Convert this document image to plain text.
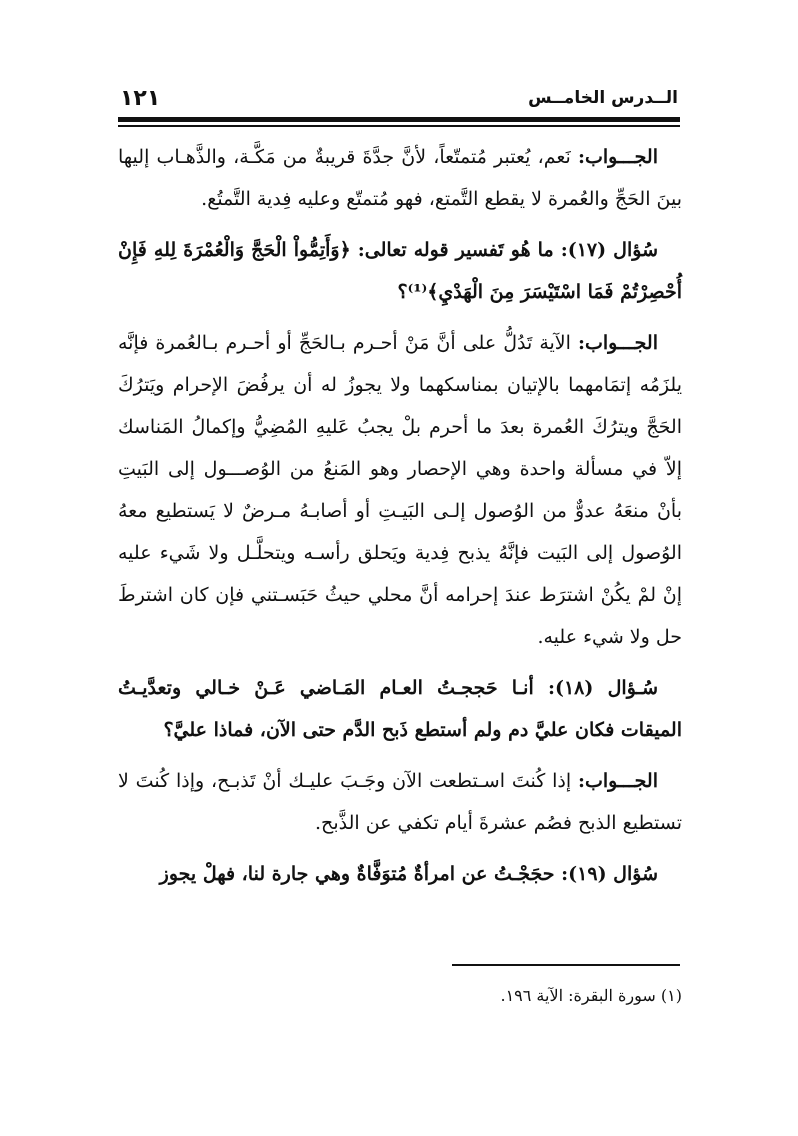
الــدرس الخامــس
١٢١

الجـــواب: نَعم، يُعتبر مُتمتّعاً، لأنَّ جدَّةَ قريبةٌ من مَكَّـة، والذَّهـاب إليها بينَ الحَجِّ والعُمرة لا يقطع التَّمتع، فهو مُتمتّع وعليه فِدية التَّمتُع.

سُؤال (١٧): ما هُو تَفسير قوله تعالى: ﴿وَأَتِمُّواْ الْحَجَّ وَالْعُمْرَةَ لِلهِ فَإِنْ أُحْصِرْتُمْ فَمَا اسْتَيْسَرَ مِنَ الْهَدْيِ﴾⁽¹⁾؟

الجـــواب: الآية تَدُلُّ على أنَّ مَنْ أحـرم بـالحَجِّ أو أحـرم بـالعُمرة فإنَّه يلزَمُه إتمَامهما بالإتيان بمناسكهما ولا يجوزُ له أن يرفُضَ الإحرام ويَترُكَ الحَجَّ ويترُكَ العُمرة بعدَ ما أحرم بلْ يجبُ عَليهِ المُضِيُّ وإكمالُ المَناسك إلاّ في مسألة واحدة وهي الإحصار وهو المَنعُ من الوُصـــول إلى البَيتِ بأنْ منعَهُ عدوٌّ من الوُصول إلـى البَيـتِ أو أصابـهُ مـرضٌ لا يَستطيع معهُ الوُصول إلى البَيت فإنَّهُ يذبح فِدية ويَحلق رأسـه ويتحلَّـل ولا شَيء عليه إنْ لمْ يكُنْ اشترَط عندَ إحرامه أنَّ محلي حيثُ حَبَسـتني فإن كان اشترطَ حل ولا شيء عليه.

سُـؤال (١٨): أنـا حَججـتُ العـام المَـاضي عَـنْ خـالي وتعدَّيـتُ الميقات فكان عليَّ دم ولم أستطع ذَبح الدَّم حتى الآن، فماذا عليَّ؟

الجـــواب: إذا كُنتَ اسـتطعت الآن وجَـبَ عليـك أنْ تَذبـح، وإذا كُنتَ لا تستطيع الذبح فصُم عشرةَ أيام تكفي عن الذَّبح.

سُؤال (١٩): حجَجْـتُ عن امرأةٌ مُتوَفَّاةٌ وهي جارة لنا، فهلْ يجوز

(١) سورة البقرة: الآية ١٩٦.
